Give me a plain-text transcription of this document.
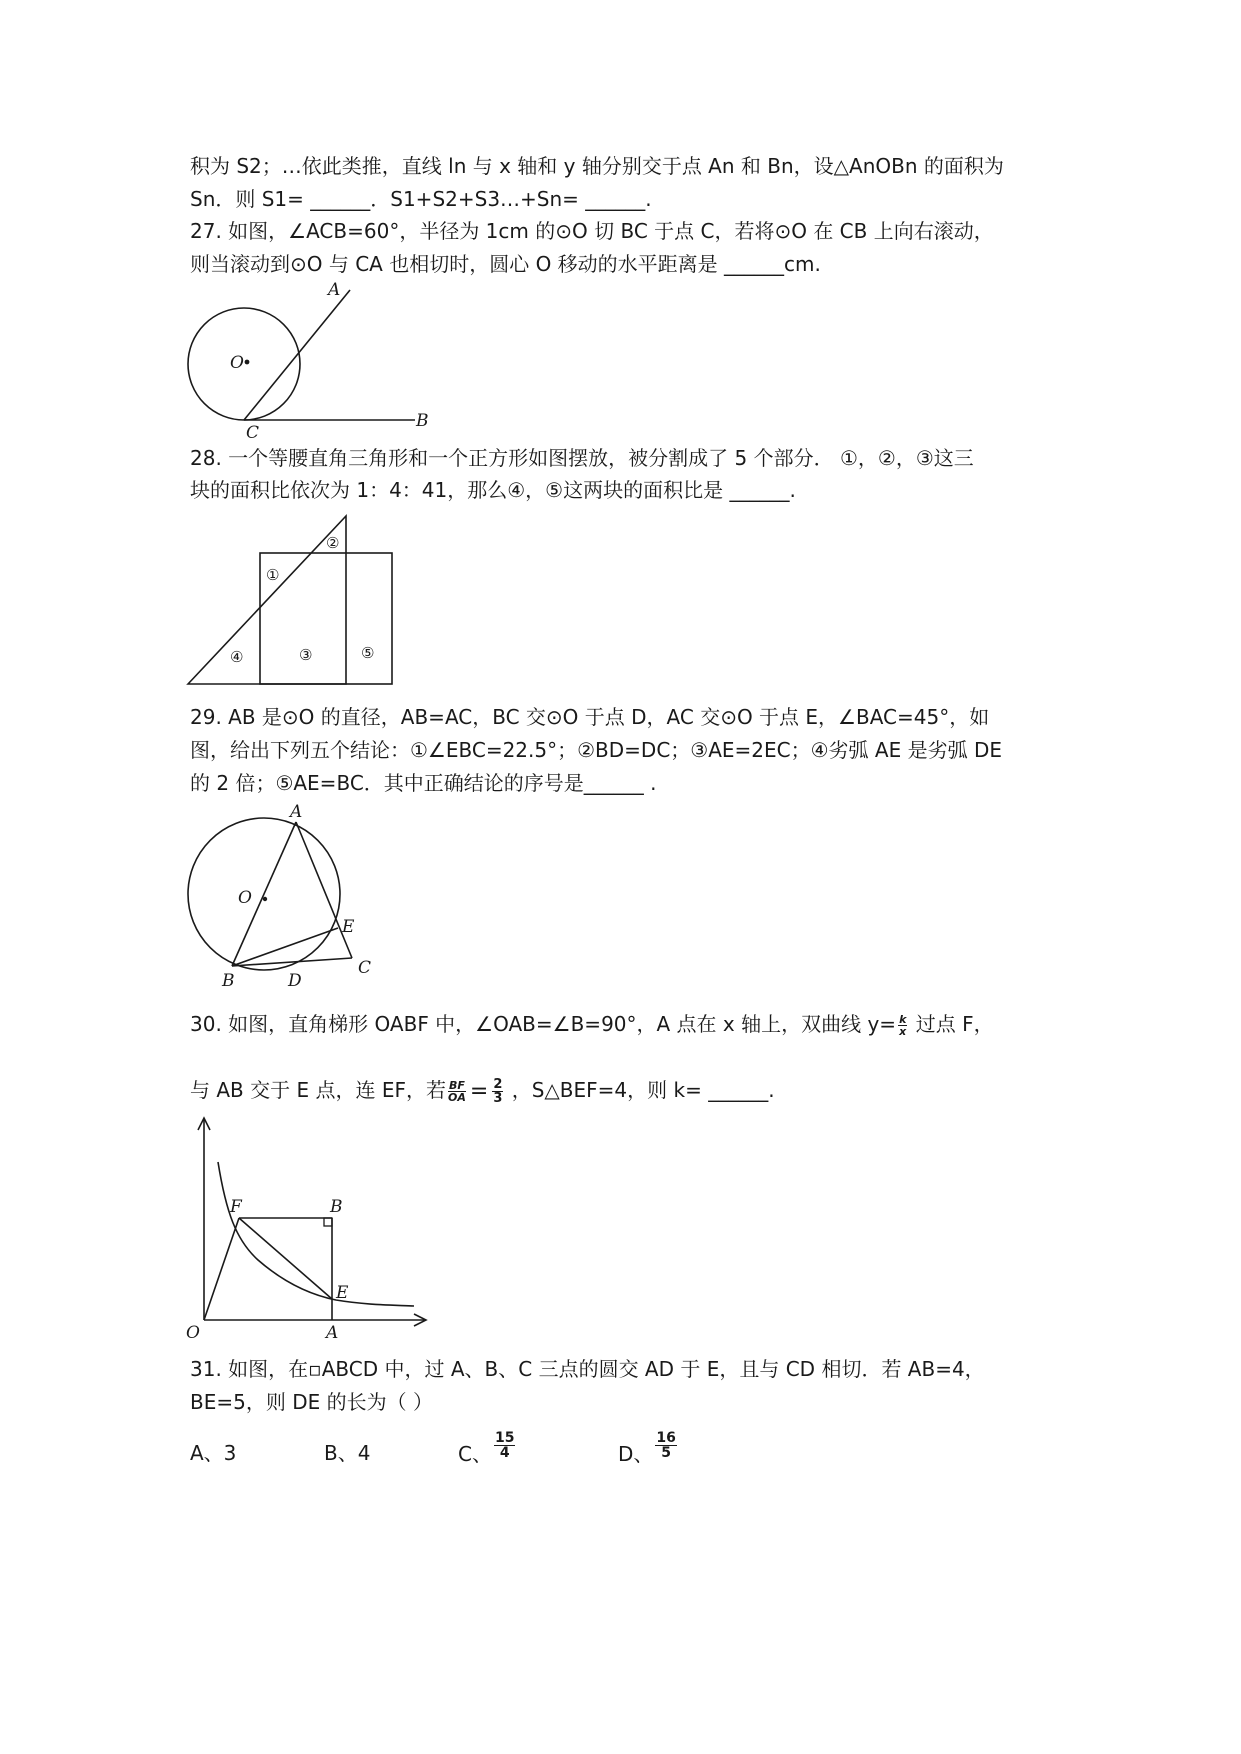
积为 S2；…依此类推，直线 ln 与 x 轴和 y 轴分别交于点 An 和 Bn，设△AnOBn 的面积为
Sn．则 S1= ______．S1+S2+S3…+Sn= ______.
27. 如图，∠ACB=60°，半径为 1cm 的⊙O 切 BC 于点 C，若将⊙O 在 CB 上向右滚动，
则当滚动到⊙O 与 CA 也相切时，圆心 O 移动的水平距离是 ______cm.
A
O
C
B
28. 一个等腰直角三角形和一个正方形如图摆放，被分割成了 5 个部分． ①，②，③这三
块的面积比依次为 1：4：41，那么④，⑤这两块的面积比是 ______.
②
①
④	③	⑤
29. AB 是⊙O 的直径，AB=AC，BC 交⊙O 于点 D，AC 交⊙O 于点 E，∠BAC=45°，如
图，给出下列五个结论：①∠EBC=22.5°；②BD=DC；③AE=2EC；④劣弧 AE 是劣弧 DE
的 2 倍；⑤AE=BC．其中正确结论的序号是______ .
A
O
E
B	D
C
30. 如图，直角梯形 OABF 中，∠OAB=∠B=90°，A 点在 x 轴上，双曲线 $y= \frac{k}{x}$ 过点 F，
与 AB 交于 E 点，连 EF，若 $\frac{BF}{OA} = \frac{2}{3}$ ，S△BEF=4，则 k= ______.
F	B
E
O	A
31. 如图，在▫ABCD 中，过 A、B、C 三点的圆交 AD 于 E，且与 CD 相切．若 AB=4，
BE=5，则 DE 的长为（ ）
A、3	B、4	C、 $\frac{15}{4}$	D、 $\frac{16}{5}$
